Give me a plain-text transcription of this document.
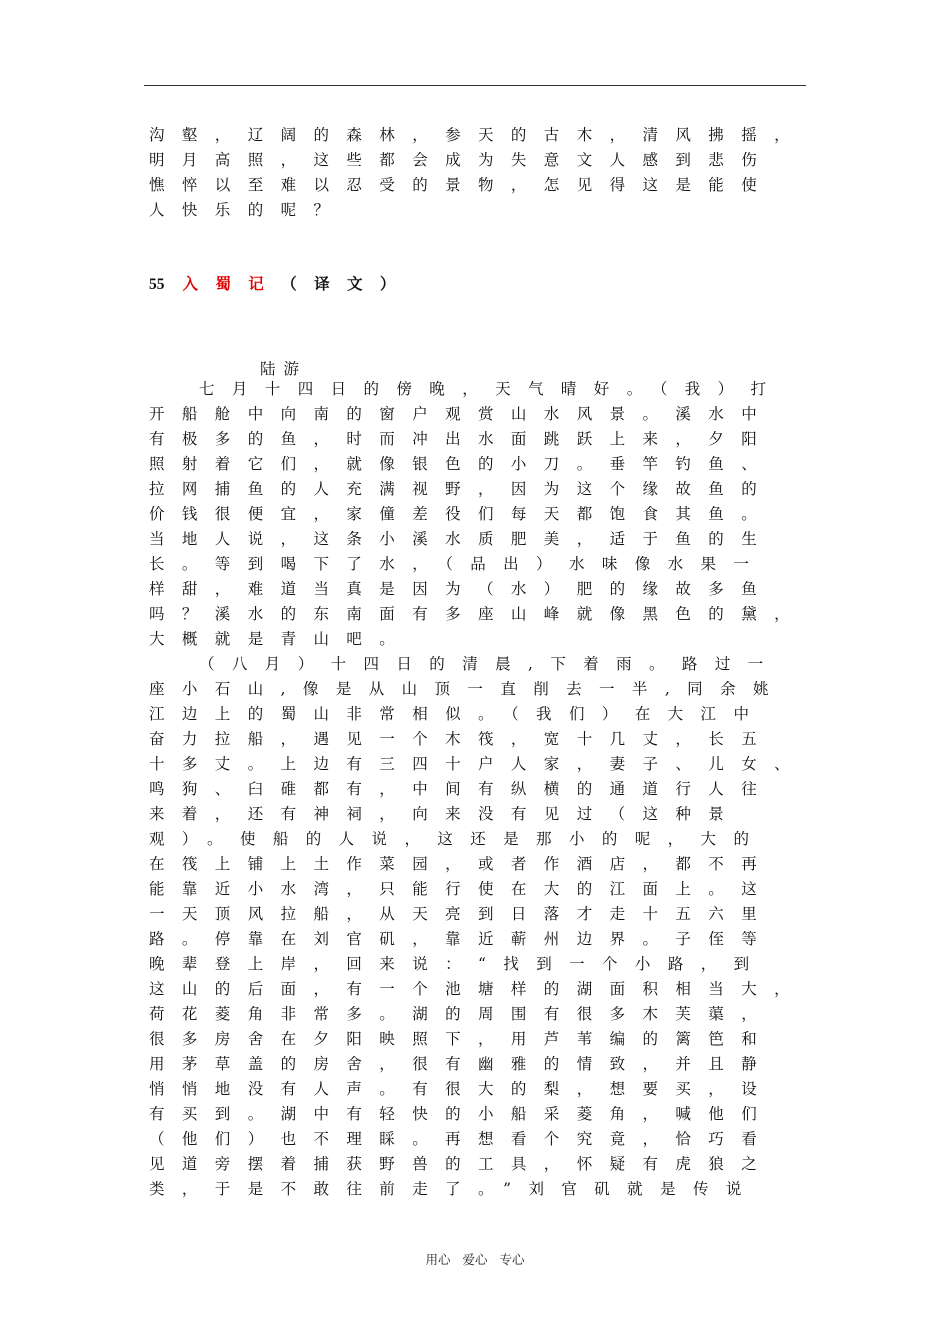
沟壑，辽阔的森林，参天的古木，清风拂摇，
明月高照，这些都会成为失意文人感到悲伤
憔悴以至难以忍受的景物，怎见得这是能使
人快乐的呢？
55 入蜀记（译文）
陆游
七月十四日的傍晚，天气晴好。（我）打
开船舱中向南的窗户观赏山水风景。溪水中
有极多的鱼，时而冲出水面跳跃上来，夕阳
照射着它们，就像银色的小刀。垂竿钓鱼、
拉网捕鱼的人充满视野，因为这个缘故鱼的
价钱很便宜，家僮差役们每天都饱食其鱼。
当地人说，这条小溪水质肥美，适于鱼的生
长。等到喝下了水，（品出）水味像水果一
样甜，难道当真是因为（水）肥的缘故多鱼
吗？溪水的东南面有多座山峰就像黑色的黛，
大概就是青山吧。
（八月）十四日的清晨,下着雨。路过一
座小石山,像是从山顶一直削去一半,同余姚
江边上的蜀山非常相似。（我们）在大江中
奋力拉船，遇见一个木筏，宽十几丈，长五
十多丈。上边有三四十户人家，妻子、儿女、
鸣狗、臼碓都有，中间有纵横的通道行人往
来着，还有神祠，向来没有见过（这种景
观）。使船的人说，这还是那小的呢，大的
在筏上铺上土作菜园，或者作酒店，都不再
能靠近小水湾，只能行使在大的江面上。这
一天顶风拉船，从天亮到日落才走十五六里
路。停靠在刘官矶，靠近蕲州边界。子侄等
晚辈登上岸，回来说：“找到一个小路，到
这山的后面，有一个池塘样的湖面积相当大，
荷花菱角非常多。湖的周围有很多木芙蕖，
很多房舍在夕阳映照下，用芦苇编的篱笆和
用茅草盖的房舍，很有幽雅的情致，并且静
悄悄地没有人声。有很大的梨，想要买，设
有买到。湖中有轻快的小船采菱角，喊他们
（他们）也不理睬。再想看个究竟，恰巧看
见道旁摆着捕获野兽的工具，怀疑有虎狼之
类，于是不敢往前走了。”刘官矶就是传说
用心 爱心 专心
